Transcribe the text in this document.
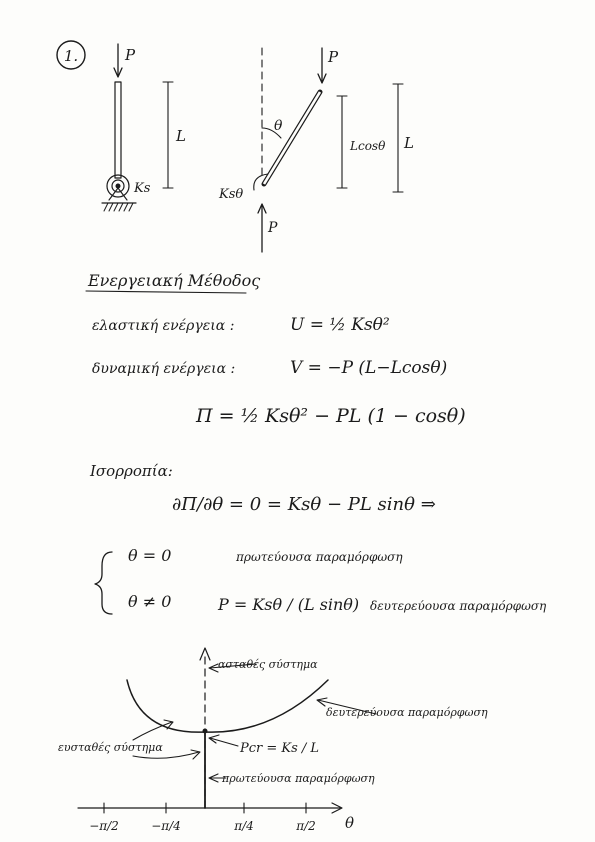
1.	P
Ks
L
P
θ
Ksθ
P
Lcosθ L
Ενεργειακή Μέθοδος
ελαστική ενέργεια :	U = ½ Ksθ²
δυναμική ενέργεια :	V = −P (L−Lcosθ)
Π = ½ Ksθ² − PL (1 − cosθ)
Ισορροπία:
∂Π/∂θ = 0 = Ksθ − PL sinθ ⇒
θ = 0	πρωτεύουσα παραμόρφωση
θ ≠ 0	P = Ksθ / (L sinθ) δευτερεύουσα παραμόρφωση
−π/2	−π/4	π/4	π/2 θ
ασταθές σύστημα
δευτερεύουσα παραμόρφωση
ευσταθές σύστημα	Pcr = Ks / L
πρωτεύουσα παραμόρφωση
